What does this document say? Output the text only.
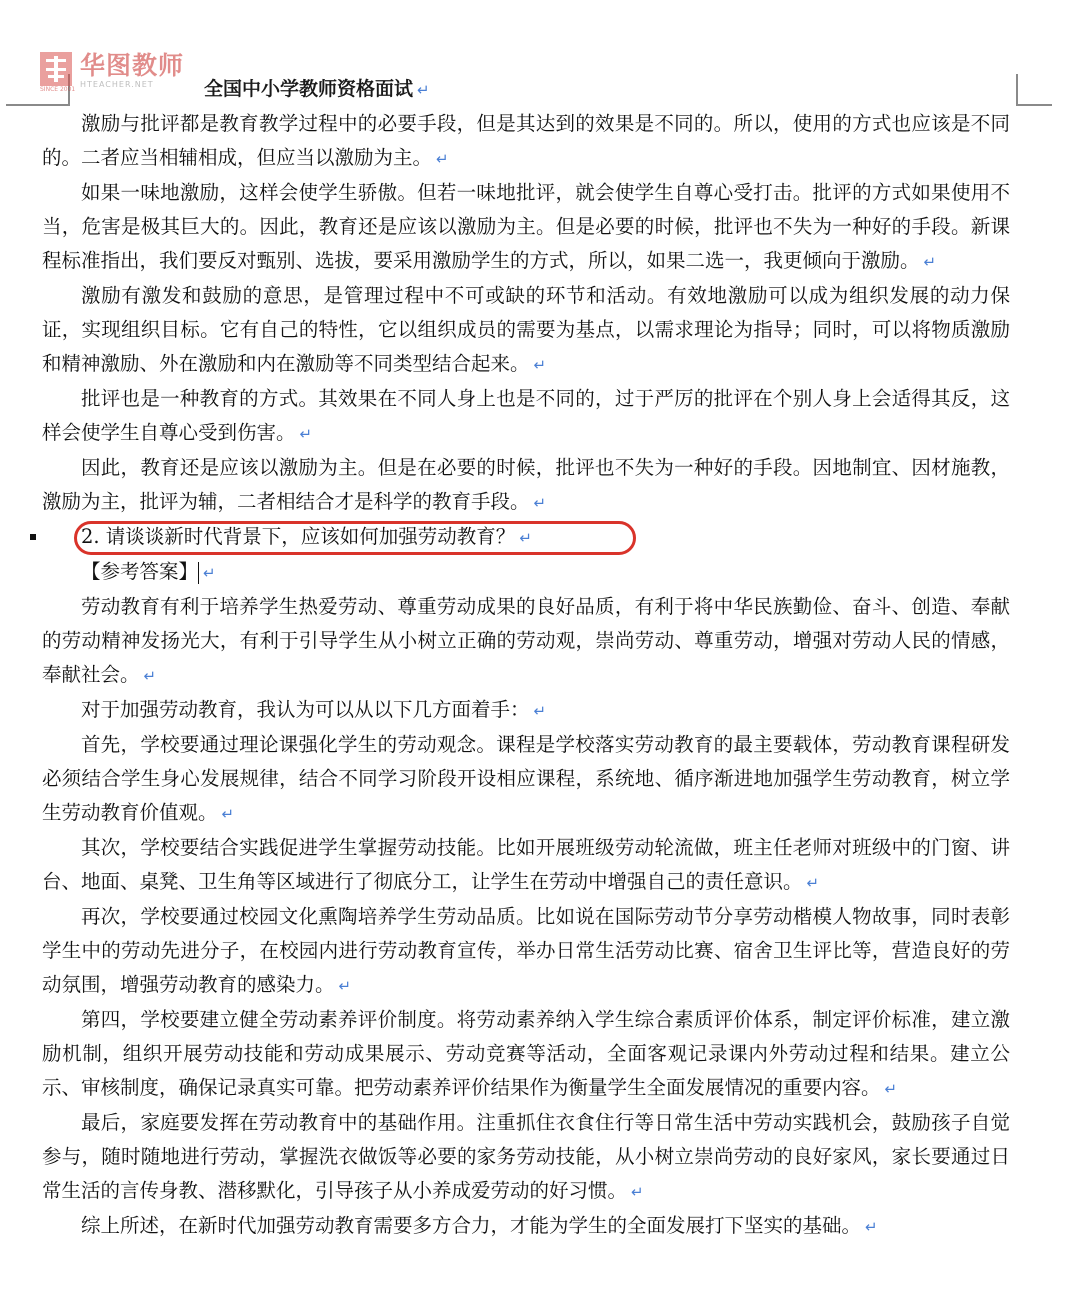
SINCE 2001
华图教师
HTEACHER.NET	全国中小学教师资格面试 ↵

激励与批评都是教育教学过程中的必要手段，但是其达到的效果是不同的。所以，使用的方式也应该是不同的。二者应当相辅相成，但应当以激励为主。 ↵

如果一味地激励，这样会使学生骄傲。但若一味地批评，就会使学生自尊心受打击。批评的方式如果使用不当，危害是极其巨大的。因此，教育还是应该以激励为主。但是必要的时候，批评也不失为一种好的手段。新课程标准指出，我们要反对甄别、选拔，要采用激励学生的方式，所以，如果二选一，我更倾向于激励。 ↵

激励有激发和鼓励的意思，是管理过程中不可或缺的环节和活动。有效地激励可以成为组织发展的动力保证，实现组织目标。它有自己的特性，它以组织成员的需要为基点，以需求理论为指导；同时，可以将物质激励和精神激励、外在激励和内在激励等不同类型结合起来。 ↵

批评也是一种教育的方式。其效果在不同人身上也是不同的，过于严厉的批评在个别人身上会适得其反，这样会使学生自尊心受到伤害。 ↵

因此，教育还是应该以激励为主。但是在必要的时候，批评也不失为一种好的手段。因地制宜、因材施教，激励为主，批评为辅，二者相结合才是科学的教育手段。 ↵

2. 请谈谈新时代背景下，应该如何加强劳动教育？ ↵

【参考答案】 ↵

劳动教育有利于培养学生热爱劳动、尊重劳动成果的良好品质，有利于将中华民族勤俭、奋斗、创造、奉献的劳动精神发扬光大，有利于引导学生从小树立正确的劳动观，崇尚劳动、尊重劳动，增强对劳动人民的情感，奉献社会。 ↵

对于加强劳动教育，我认为可以从以下几方面着手： ↵

首先，学校要通过理论课强化学生的劳动观念。课程是学校落实劳动教育的最主要载体，劳动教育课程研发必须结合学生身心发展规律，结合不同学习阶段开设相应课程，系统地、循序渐进地加强学生劳动教育，树立学生劳动教育价值观。 ↵

其次，学校要结合实践促进学生掌握劳动技能。比如开展班级劳动轮流做，班主任老师对班级中的门窗、讲台、地面、桌凳、卫生角等区域进行了彻底分工，让学生在劳动中增强自己的责任意识。 ↵

再次，学校要通过校园文化熏陶培养学生劳动品质。比如说在国际劳动节分享劳动楷模人物故事，同时表彰学生中的劳动先进分子，在校园内进行劳动教育宣传，举办日常生活劳动比赛、宿舍卫生评比等，营造良好的劳动氛围，增强劳动教育的感染力。 ↵

第四，学校要建立健全劳动素养评价制度。将劳动素养纳入学生综合素质评价体系，制定评价标准，建立激励机制，组织开展劳动技能和劳动成果展示、劳动竞赛等活动，全面客观记录课内外劳动过程和结果。建立公示、审核制度，确保记录真实可靠。把劳动素养评价结果作为衡量学生全面发展情况的重要内容。 ↵

最后，家庭要发挥在劳动教育中的基础作用。注重抓住衣食住行等日常生活中劳动实践机会，鼓励孩子自觉参与，随时随地进行劳动，掌握洗衣做饭等必要的家务劳动技能，从小树立崇尚劳动的良好家风，家长要通过日常生活的言传身教、潜移默化，引导孩子从小养成爱劳动的好习惯。 ↵

综上所述，在新时代加强劳动教育需要多方合力，才能为学生的全面发展打下坚实的基础。 ↵
